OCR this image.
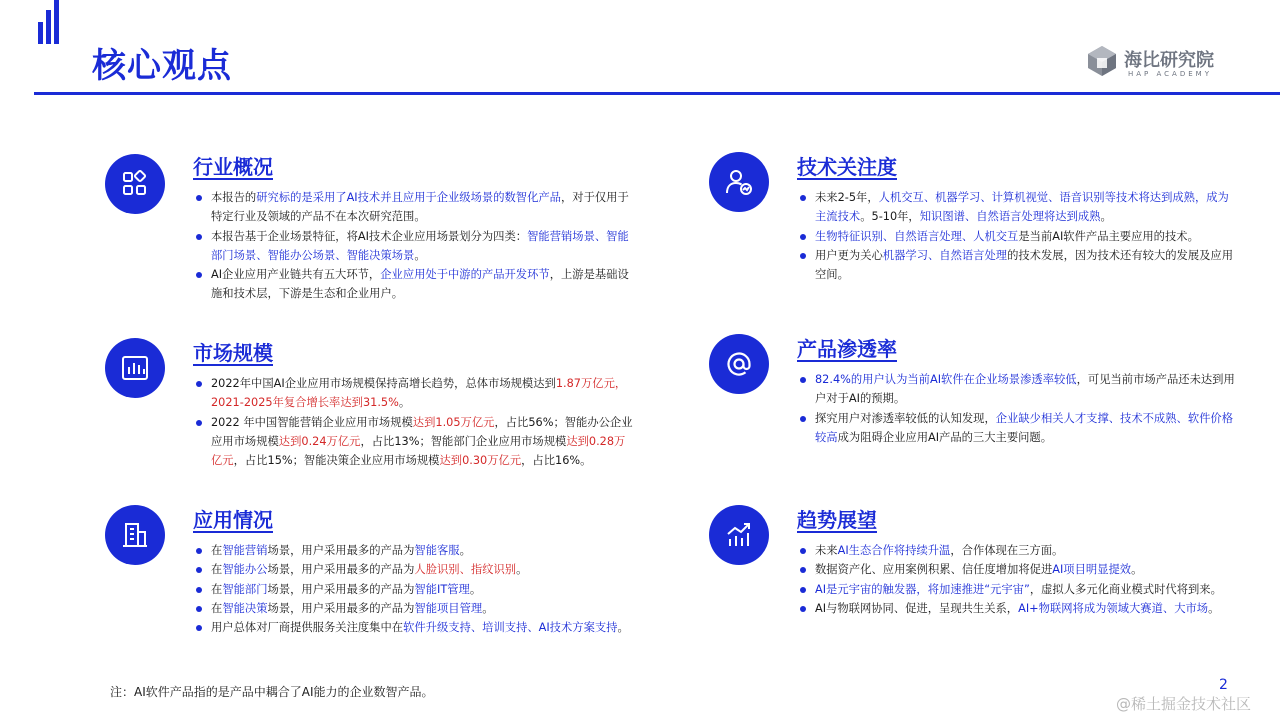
核心观点	海比研究院
HAP ACADEMY
行业概况
本报告的研究标的是采用了AI技术并且应用于企业级场景的数智化产品，对于仅用于特定行业及领域的产品不在本次研究范围。
本报告基于企业场景特征，将AI技术企业应用场景划分为四类：智能营销场景、智能部门场景、智能办公场景、智能决策场景。
AI企业应用产业链共有五大环节，企业应用处于中游的产品开发环节，上游是基础设施和技术层，下游是生态和企业用户。
市场规模
2022年中国AI企业应用市场规模保持高增长趋势，总体市场规模达到1.87万亿元，2021-2025年复合增长率达到31.5%。
2022 年中国智能营销企业应用市场规模达到1.05万亿元，占比56%；智能办公企业应用市场规模达到0.24万亿元，占比13%；智能部门企业应用市场规模达到0.28万亿元，占比15%；智能决策企业应用市场规模达到0.30万亿元，占比16%。
应用情况
在智能营销场景，用户采用最多的产品为智能客服。
在智能办公场景，用户采用最多的产品为人脸识别、指纹识别。
在智能部门场景，用户采用最多的产品为智能IT管理。
在智能决策场景，用户采用最多的产品为智能项目管理。
用户总体对厂商提供服务关注度集中在软件升级支持、培训支持、AI技术方案支持。
技术关注度
未来2-5年，人机交互、机器学习、计算机视觉、语音识别等技术将达到成熟，成为主流技术。5-10年，知识图谱、自然语言处理将达到成熟。
生物特征识别、自然语言处理、人机交互是当前AI软件产品主要应用的技术。
用户更为关心机器学习、自然语言处理的技术发展，因为技术还有较大的发展及应用空间。
产品渗透率
82.4%的用户认为当前AI软件在企业场景渗透率较低，可见当前市场产品还未达到用户对于AI的预期。
探究用户对渗透率较低的认知发现，企业缺少相关人才支撑、技术不成熟、软件价格较高成为阻碍企业应用AI产品的三大主要问题。
趋势展望
未来AI生态合作将持续升温，合作体现在三方面。
数据资产化、应用案例积累、信任度增加将促进AI项目明显提效。
AI是元宇宙的触发器，将加速推进“元宇宙”，虚拟人多元化商业模式时代将到来。
AI与物联网协同、促进，呈现共生关系，AI+物联网将成为领域大赛道、大市场。

注：AI软件产品指的是产品中耦合了AI能力的企业数智产品。	2
@稀土掘金技术社区
